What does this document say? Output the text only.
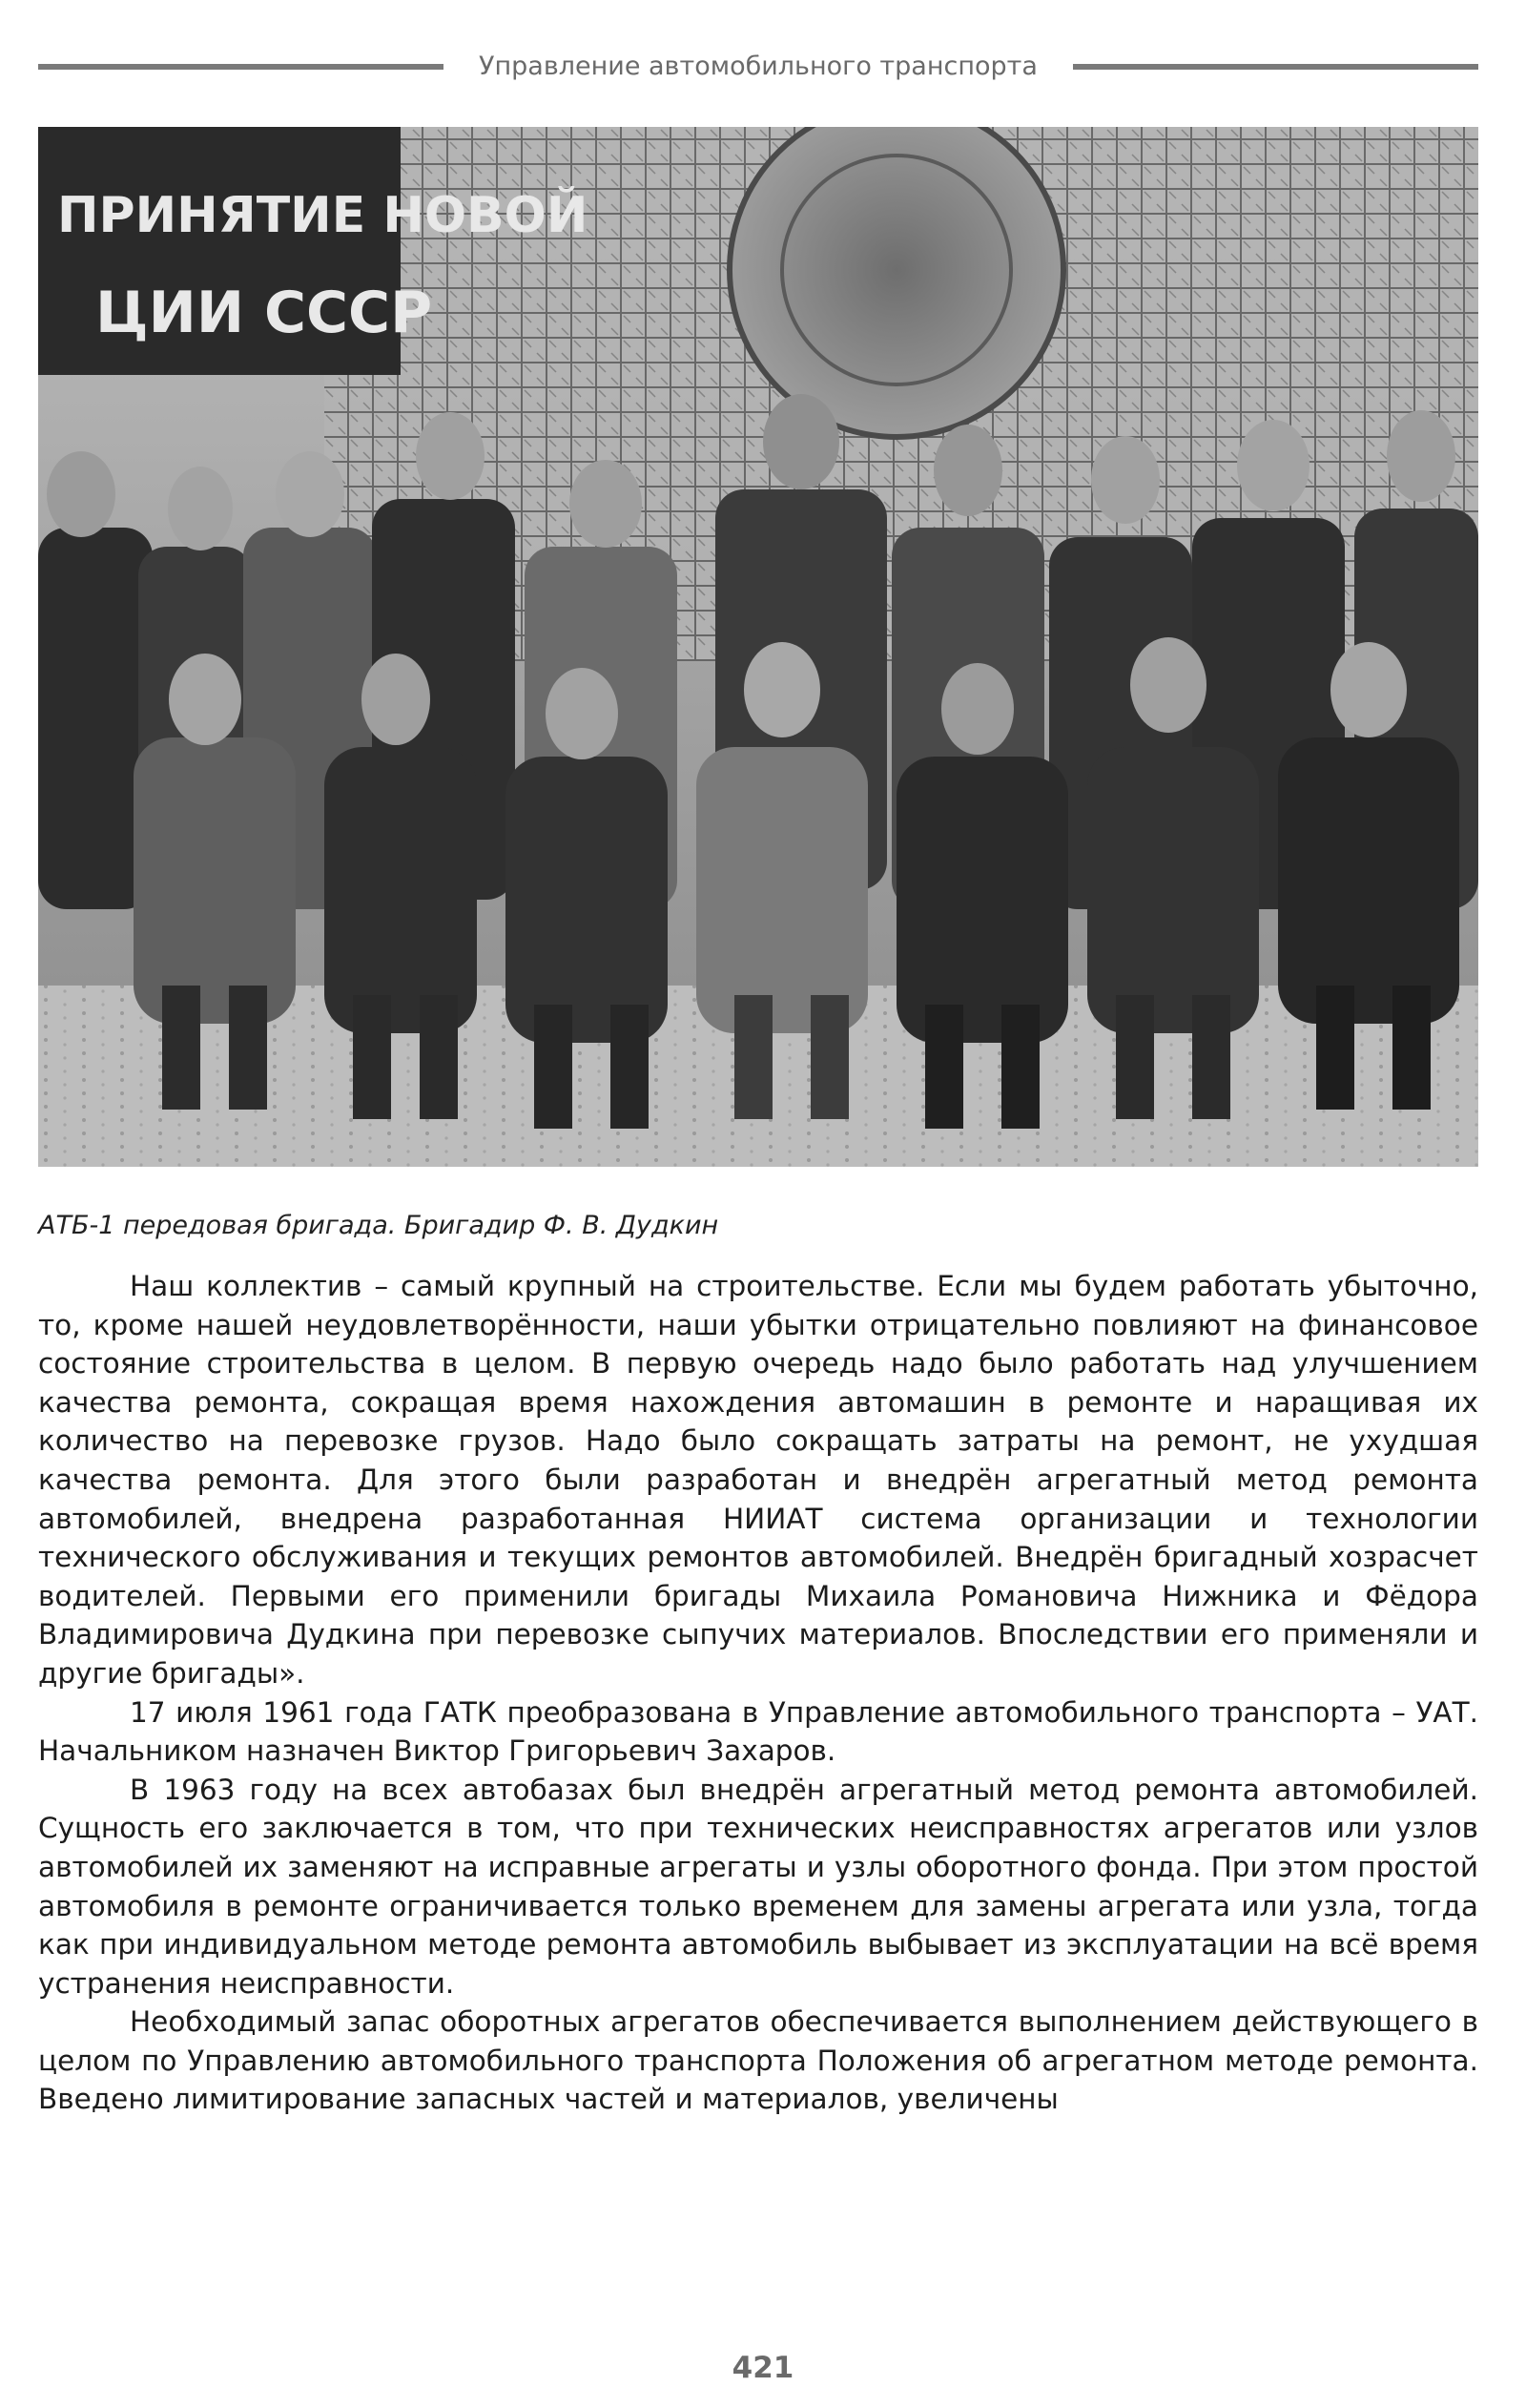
Управление автомобильного транспорта
ПРИНЯТИЕ НОВОЙ
ЦИИ СССР

АТБ-1 передовая бригада. Бригадир Ф. В. Дудкин

Наш коллектив – самый крупный на строительстве. Если мы будем работать убыточно, то, кроме нашей неудовлетворённости, наши убытки отрицательно повлияют на финансовое состояние строительства в целом. В первую очередь надо было работать над улучшением качества ремонта, сокращая время нахождения автомашин в ремонте и наращивая их количество на перевозке грузов. Надо было сокращать затраты на ремонт, не ухудшая качества ремонта. Для этого были разработан и внедрён агрегатный метод ремонта автомобилей, внедрена разработанная НИИАТ система организации и технологии технического обслуживания и текущих ремонтов автомобилей. Внедрён бригадный хозрасчет водителей. Первыми его применили бригады Михаила Романовича Нижника и Фёдора Владимировича Дудкина при перевозке сыпучих материалов. Впоследствии его применяли и другие бригады».

17 июля 1961 года ГАТК преобразована в Управление автомобильного транспорта – УАТ. Начальником назначен Виктор Григорьевич Захаров.

В 1963 году на всех автобазах был внедрён агрегатный метод ремонта автомобилей. Сущность его заключается в том, что при технических неисправностях агрегатов или узлов автомобилей их заменяют на исправные агрегаты и узлы оборотного фонда. При этом простой автомобиля в ремонте ограничивается только временем для замены агрегата или узла, тогда как при индивидуальном методе ремонта автомобиль выбывает из эксплуатации на всё время устранения неисправности.

Необходимый запас оборотных агрегатов обеспечивается выполнением действующего в целом по Управлению автомобильного транспорта Положения об агрегатном методе ремонта. Введено лимитирование запасных частей и материалов, увеличены

421
